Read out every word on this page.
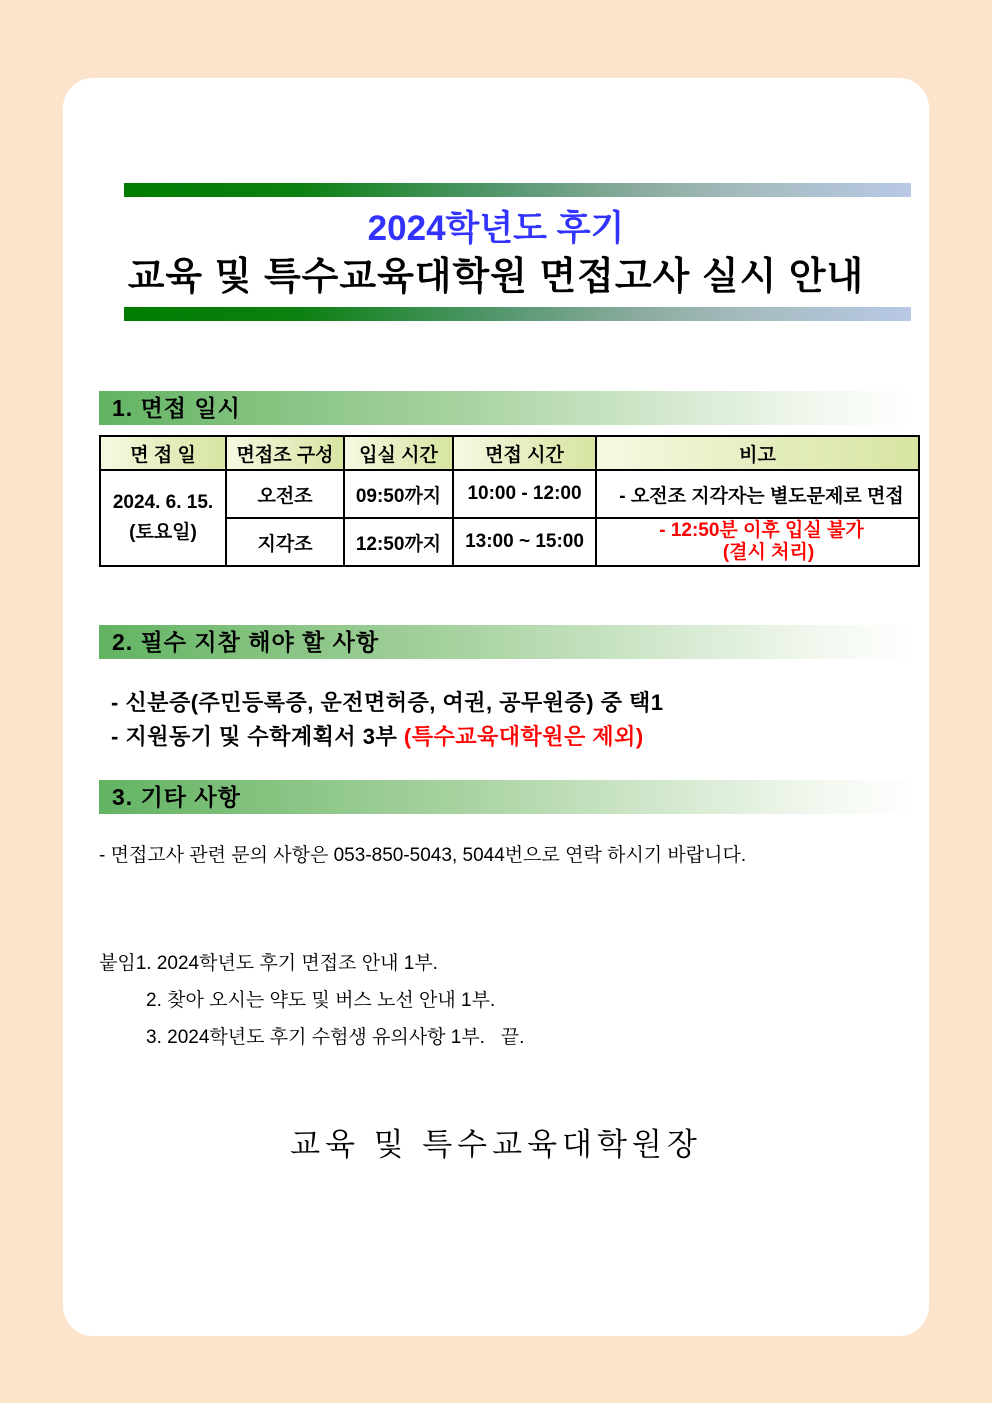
2024학년도 후기
교육 및 특수교육대학원 면접고사 실시 안내
1. 면접 일시
면 접 일	면접조 구성	입실 시간	면접 시간	비고

2024. 6. 15.
(토요일)	오전조	09:50까지	10:00 - 12:00	- 오전조 지각자는 별도문제로 면접
	지각조	12:50까지	13:00 ~ 15:00	- 12:50분 이후 입실 불가
(결시 처리)
2. 필수 지참 해야 할 사항

- 신분증(주민등록증, 운전면허증, 여권, 공무원증) 중 택1

- 지원동기 및 수학계획서 3부 (특수교육대학원은 제외)

3. 기타 사항

- 면접고사 관련 문의 사항은 053-850-5043, 5044번으로 연락 하시기 바랍니다.

붙임1. 2024학년도 후기 면접조 안내 1부.

2. 찾아 오시는 약도 및 버스 노선 안내 1부.

3. 2024학년도 후기 수험생 유의사항 1부.   끝.

교육 및 특수교육대학원장
